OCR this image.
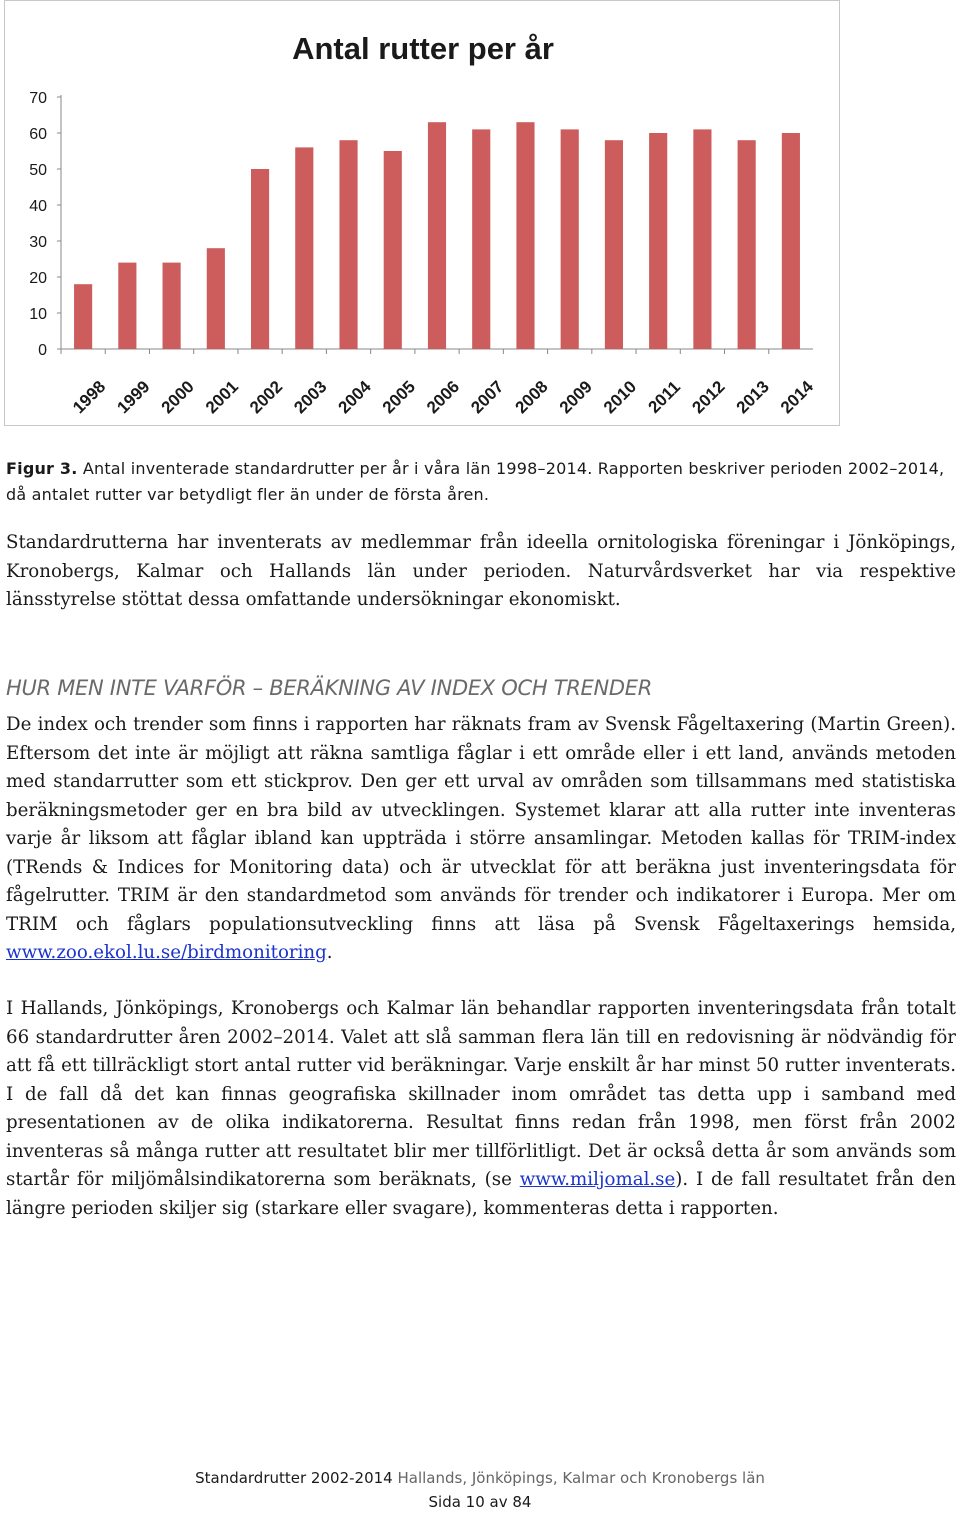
Antal rutter per år
0
10
20
30
40
50
60
70
1998 1999 2000 2001 2002 2003 2004 2005 2006 2007 2008 2009 2010 2011 2012 2013 2014
Figur 3. Antal inventerade standardrutter per år i våra län 1998–2014. Rapporten beskriver perioden 2002–2014, då antalet rutter var betydligt fler än under de första åren.
Standardrutterna har inventerats av medlemmar från ideella ornitologiska föreningar i Jönköpings, Kronobergs, Kalmar och Hallands län under perioden. Naturvårdsverket har via respektive länsstyrelse stöttat dessa omfattande undersökningar ekonomiskt.
HUR MEN INTE VARFÖR – BERÄKNING AV INDEX OCH TRENDER
De index och trender som finns i rapporten har räknats fram av Svensk Fågeltaxering (Martin Green). Eftersom det inte är möjligt att räkna samtliga fåglar i ett område eller i ett land, används metoden med standarrutter som ett stickprov. Den ger ett urval av områden som tillsammans med statistiska beräkningsmetoder ger en bra bild av utvecklingen. Systemet klarar att alla rutter inte inventeras varje år liksom att fåglar ibland kan uppträda i större ansamlingar. Metoden kallas för TRIM-index (TRends & Indices for Monitoring data) och är utvecklat för att beräkna just inventeringsdata för fågelrutter. TRIM är den standardmetod som används för trender och indikatorer i Europa. Mer om TRIM och fåglars populationsutveckling finns att läsa på Svensk Fågeltaxerings hemsida, www.zoo.ekol.lu.se/birdmonitoring.
I Hallands, Jönköpings, Kronobergs och Kalmar län behandlar rapporten inventeringsdata från totalt 66 standardrutter åren 2002–2014. Valet att slå samman flera län till en redovisning är nödvändig för att få ett tillräckligt stort antal rutter vid beräkningar. Varje enskilt år har minst 50 rutter inventerats. I de fall då det kan finnas geografiska skillnader inom området tas detta upp i samband med presentationen av de olika indikatorerna. Resultat finns redan från 1998, men först från 2002 inventeras så många rutter att resultatet blir mer tillförlitligt. Det är också detta år som används som startår för miljömålsindikatorerna som beräknats, (se www.miljomal.se). I de fall resultatet från den längre perioden skiljer sig (starkare eller svagare), kommenteras detta i rapporten.
Standardrutter 2002-2014 Hallands, Jönköpings, Kalmar och Kronobergs län
Sida 10 av 84
